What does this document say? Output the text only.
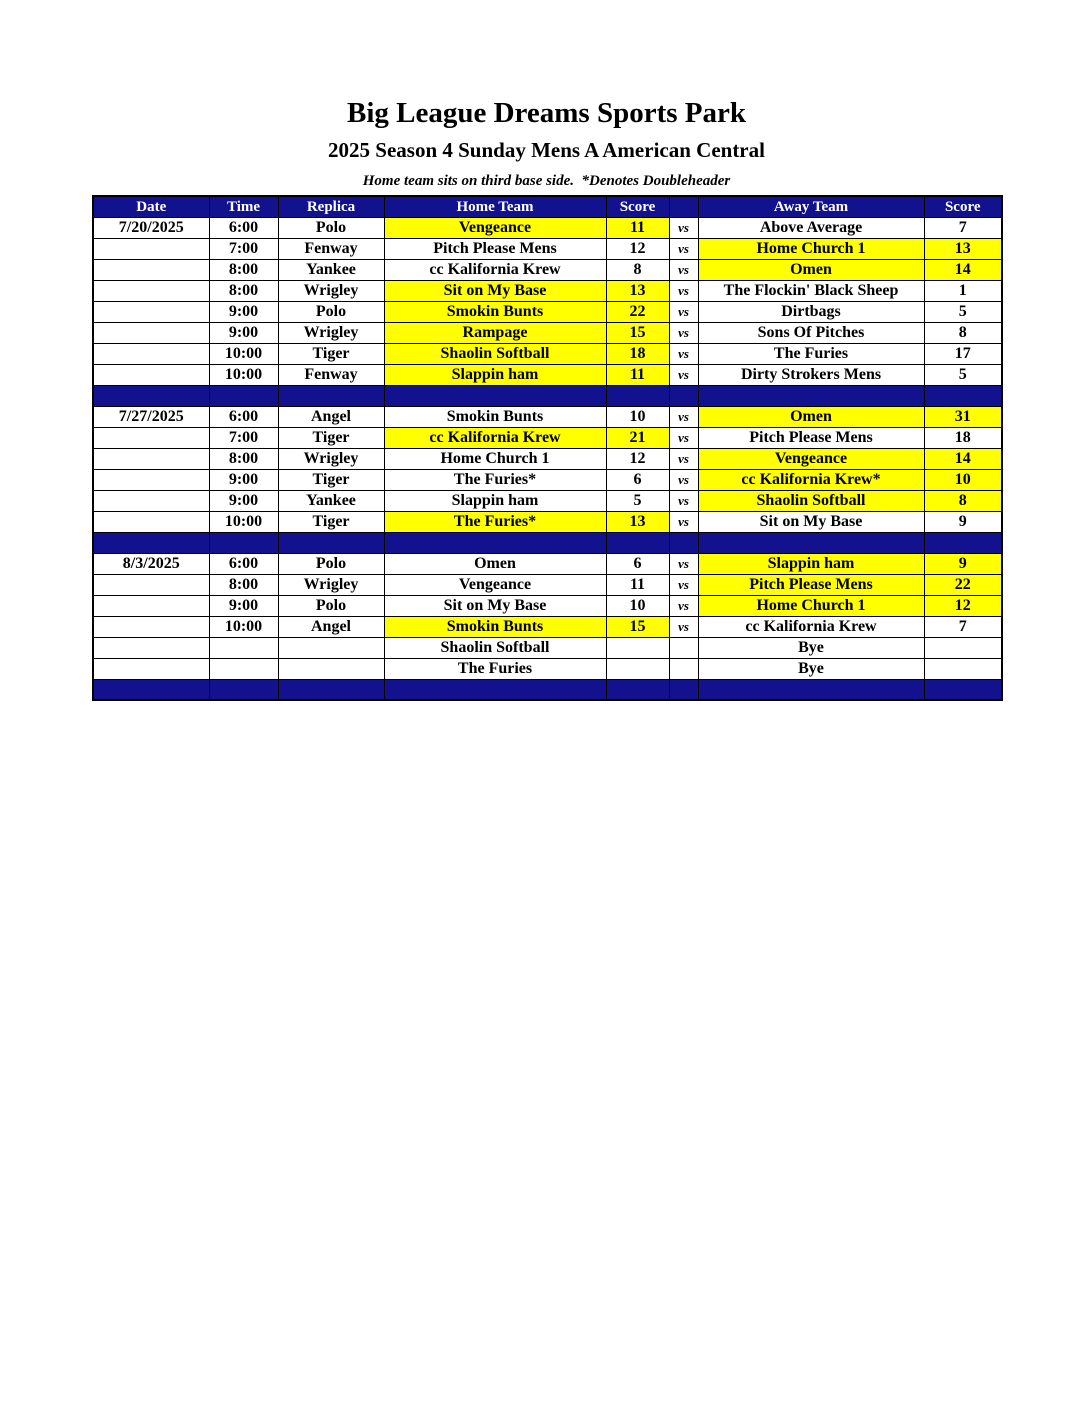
Big League Dreams Sports Park
2025 Season 4 Sunday Mens A American Central
Home team sits on third base side.  *Denotes Doubleheader
Date	Time	Replica	Home Team	Score		Away Team	Score
7/20/2025	6:00	Polo	Vengeance	11	vs	Above Average	7
	7:00	Fenway	Pitch Please Mens	12	vs	Home Church 1	13
	8:00	Yankee	cc Kalifornia Krew	8	vs	Omen	14
	8:00	Wrigley	Sit on My Base	13	vs	The Flockin' Black Sheep	1
	9:00	Polo	Smokin Bunts	22	vs	Dirtbags	5
	9:00	Wrigley	Rampage	15	vs	Sons Of Pitches	8
	10:00	Tiger	Shaolin Softball	18	vs	The Furies	17
	10:00	Fenway	Slappin ham	11	vs	Dirty Strokers Mens	5

7/27/2025	6:00	Angel	Smokin Bunts	10	vs	Omen	31
	7:00	Tiger	cc Kalifornia Krew	21	vs	Pitch Please Mens	18
	8:00	Wrigley	Home Church 1	12	vs	Vengeance	14
	9:00	Tiger	The Furies*	6	vs	cc Kalifornia Krew*	10
	9:00	Yankee	Slappin ham	5	vs	Shaolin Softball	8
	10:00	Tiger	The Furies*	13	vs	Sit on My Base	9

8/3/2025	6:00	Polo	Omen	6	vs	Slappin ham	9
	8:00	Wrigley	Vengeance	11	vs	Pitch Please Mens	22
	9:00	Polo	Sit on My Base	10	vs	Home Church 1	12
	10:00	Angel	Smokin Bunts	15	vs	cc Kalifornia Krew	7
			Shaolin Softball			Bye	
			The Furies			Bye	
